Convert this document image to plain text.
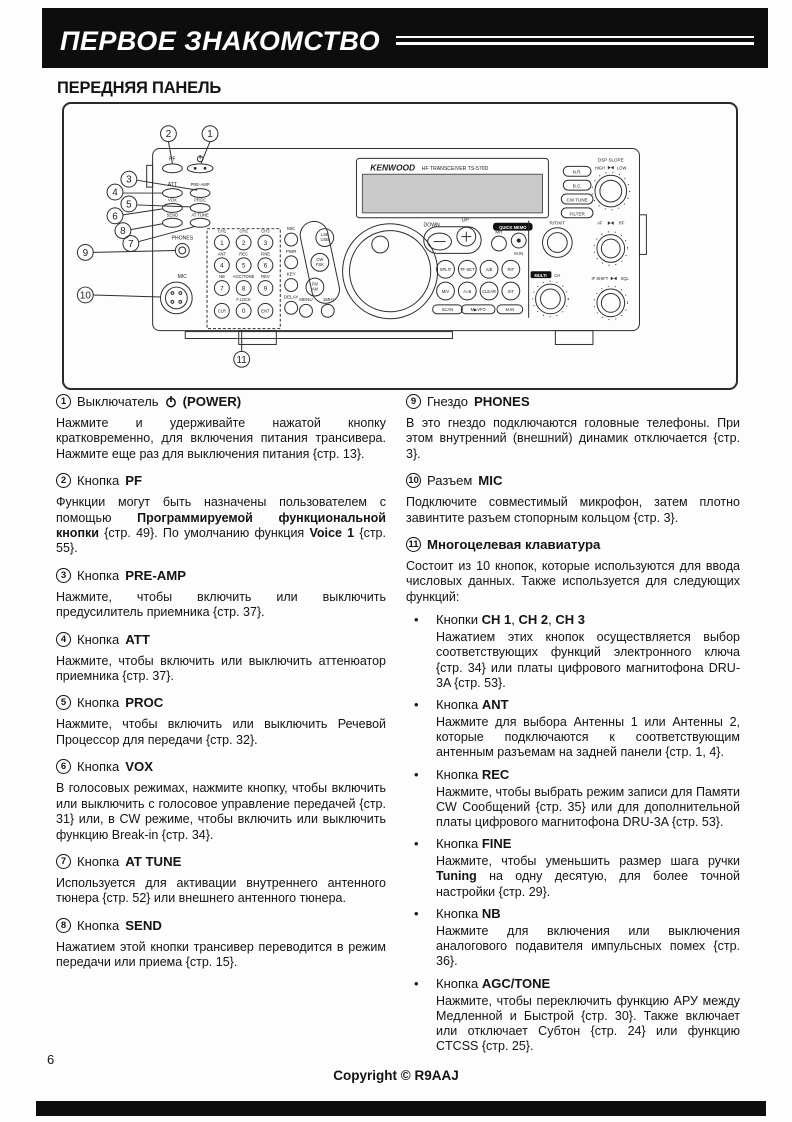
ПЕРВОЕ ЗНАКОМСТВО
ПЕРЕДНЯЯ ПАНЕЛЬ
KENWOOD HF TRANSCEIVER TS-570D
2	1
3
4
5
6
8
7
9
10
11
PF
ATT	PRE-AMP
VOX	PROC
SEND	AT TUNE
PHONES
MIC
CH1	CH2	CH3
ANT	REC	FINE
NB AGC/TONE REV
F.LOCK
1	2	3
4	5	6
7	8	9
0
CLR	ENT
MIC
PWR
KEY
DELAY
LSB
USB
CW
FSK
FM
AM
MENU 1MHz
DOWN
UP
QUICK MEMO
MR
M.IN
SPLIT TF-SET	A/B	RIT
M/V	A=B	CLEAR	XIT
SCAN	M▶VFO	M.IN
RIT/XIT
MULTI CH
N.R.
B.C.
CW TUNE
FILTER
DSP SLOPE
HIGH	LOW
AF	RF
IF SHIFT	SQL
1 Выключатель (POWER)

Нажмите и удерживайте нажатой кнопку кратковременно, для включения питания трансивера. Нажмите еще раз для выключения питания {стр. 13}.

2 Кнопка PF

Функции могут быть назначены пользователем с помощью Программируемой функциональной кнопки {стр. 49}. По умолчанию функция Voice 1 {стр. 55}.

3 Кнопка PRE-AMP

Нажмите, чтобы включить или выключить предусилитель приемника {стр. 37}.

4 Кнопка ATT

Нажмите, чтобы включить или выключить аттенюатор приемника {стр. 37}.

5 Кнопка PROC

Нажмите, чтобы включить или выключить Речевой Процессор для передачи {стр. 32}.

6 Кнопка VOX

В голосовых режимах, нажмите кнопку, чтобы включить или выключить с голосовое управление передачей {стр. 31} или, в CW режиме, чтобы включить или выключить функцию Break-in {стр. 34}.

7 Кнопка AT TUNE

Используется для активации внутреннего антенного тюнера {стр. 52} или внешнего антенного тюнера.

8 Кнопка SEND

Нажатием этой кнопки трансивер переводится в режим передачи или приема {стр. 15}.

9 Гнездо PHONES

В это гнездо подключаются головные телефоны. При этом внутренний (внешний) динамик отключается {стр. 3}.

10 Разъем MIC

Подключите совместимый микрофон, затем плотно завинтите разъем стопорным кольцом {стр. 3}.

11 Многоцелевая клавиатура

Состоит из 10 кнопок, которые используются для ввода числовых данных. Также используется для следующих функций:

• Кнопки CH 1, CH 2, CH 3

Нажатием этих кнопок осуществляется выбор соответствующих функций электронного ключа {стр. 34} или платы цифрового магнитофона DRU-3A {стр. 53}.

• Кнопка ANT

Нажмите для выбора Антенны 1 или Антенны 2, которые подключаются к соответствующим антенным разъемам на задней панели {стр. 1, 4}.

• Кнопка REC

Нажмите, чтобы выбрать режим записи для Памяти CW Сообщений {стр. 35} или для дополнительной платы цифрового магнитофона DRU-3A {стр. 53}.

• Кнопка FINE

Нажмите, чтобы уменьшить размер шага ручки Tuning на одну десятую, для более точной настройки {стр. 29}.

• Кнопка NB

Нажмите для включения или выключения аналогового подавителя импульсных помех {стр. 36}.

• Кнопка AGC/TONE

Нажмите, чтобы переключить функцию АРУ между Медленной и Быстрой {стр. 30}. Также включает или отключает Субтон {стр. 24} или функцию CTCSS {стр. 25}.

6
Copyright © R9AAJ
